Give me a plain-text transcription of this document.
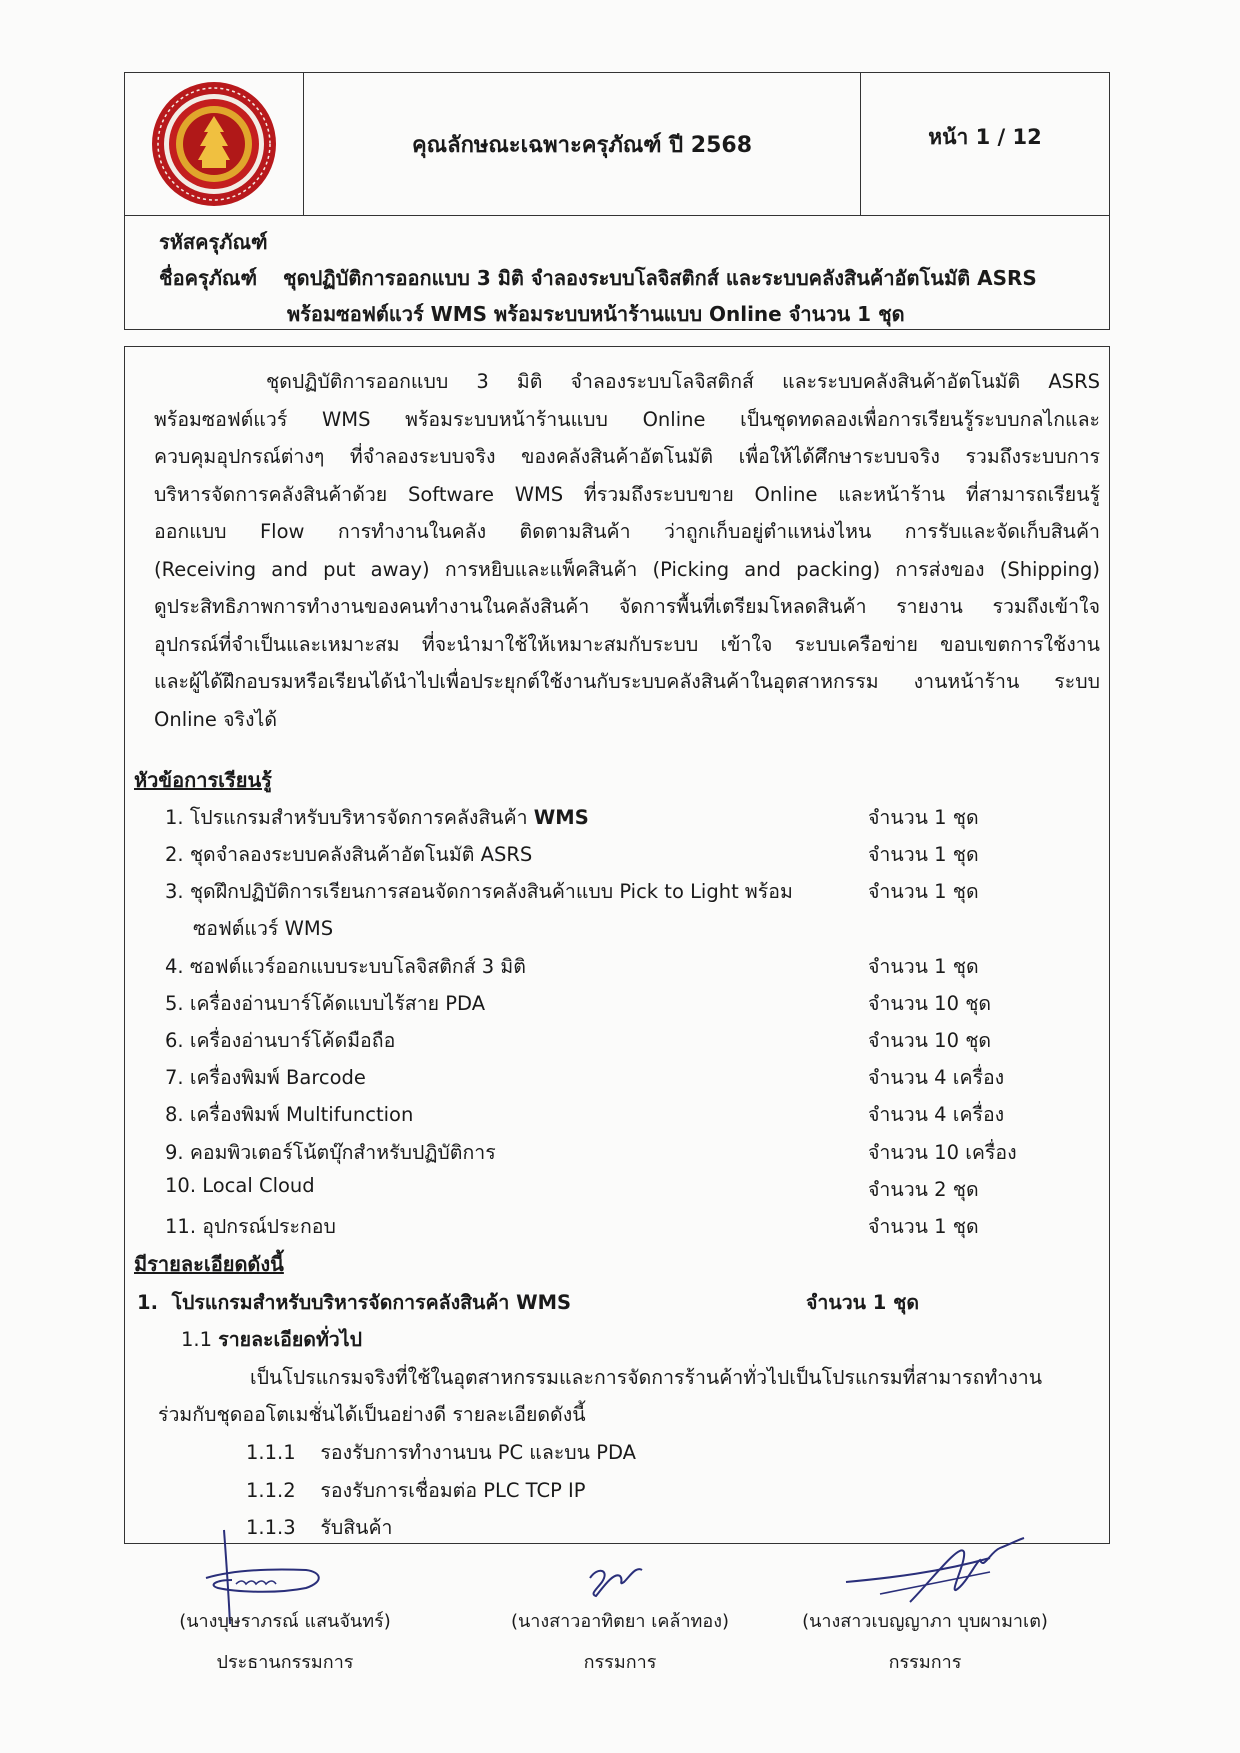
คุณลักษณะเฉพาะครุภัณฑ์ ปี 2568	หน้า 1 / 12
รหัสครุภัณฑ์
ชื่อครุภัณฑ์ ชุดปฏิบัติการออกแบบ 3 มิติ จำลองระบบโลจิสติกส์ และระบบคลังสินค้าอัตโนมัติ ASRS
พร้อมซอฟต์แวร์ WMS พร้อมระบบหน้าร้านแบบ Online จำนวน 1 ชุด
ชุดปฏิบัติการออกแบบ 3 มิติ จำลองระบบโลจิสติกส์ และระบบคลังสินค้าอัตโนมัติ ASRS
พร้อมซอฟต์แวร์ WMS พร้อมระบบหน้าร้านแบบ Online เป็นชุดทดลองเพื่อการเรียนรู้ระบบกลไกและ
ควบคุมอุปกรณ์ต่างๆ ที่จำลองระบบจริง ของคลังสินค้าอัตโนมัติ เพื่อให้ได้ศึกษาระบบจริง รวมถึงระบบการ
บริหารจัดการคลังสินค้าด้วย Software WMS ที่รวมถึงระบบขาย Online และหน้าร้าน ที่สามารถเรียนรู้
ออกแบบ Flow การทำงานในคลัง ติดตามสินค้า ว่าถูกเก็บอยู่ตำแหน่งไหน การรับและจัดเก็บสินค้า
(Receiving and put away) การหยิบและแพ็คสินค้า (Picking and packing) การส่งของ (Shipping)
ดูประสิทธิภาพการทำงานของคนทำงานในคลังสินค้า จัดการพื้นที่เตรียมโหลดสินค้า รายงาน รวมถึงเข้าใจ
อุปกรณ์ที่จำเป็นและเหมาะสม ที่จะนำมาใช้ให้เหมาะสมกับระบบ เข้าใจ ระบบเครือข่าย ขอบเขตการใช้งาน
และผู้ได้ฝึกอบรมหรือเรียนได้นำไปเพื่อประยุกต์ใช้งานกับระบบคลังสินค้าในอุตสาหกรรม งานหน้าร้าน ระบบ
Online จริงได้
หัวข้อการเรียนรู้
1. โปรแกรมสำหรับบริหารจัดการคลังสินค้า WMS	จำนวน 1 ชุด
2. ชุดจำลองระบบคลังสินค้าอัตโนมัติ ASRS	จำนวน 1 ชุด
3. ชุดฝึกปฏิบัติการเรียนการสอนจัดการคลังสินค้าแบบ Pick to Light พร้อม	จำนวน 1 ชุด
ซอฟต์แวร์ WMS
4. ซอฟต์แวร์ออกแบบระบบโลจิสติกส์ 3 มิติ	จำนวน 1 ชุด
5. เครื่องอ่านบาร์โค้ดแบบไร้สาย PDA	จำนวน 10 ชุด
6. เครื่องอ่านบาร์โค้ดมือถือ	จำนวน 10 ชุด
7. เครื่องพิมพ์ Barcode	จำนวน 4 เครื่อง
8. เครื่องพิมพ์ Multifunction	จำนวน 4 เครื่อง
9. คอมพิวเตอร์โน้ตบุ๊กสำหรับปฏิบัติการ	จำนวน 10 เครื่อง
10. Local Cloud	จำนวน 2 ชุด
11. อุปกรณ์ประกอบ	จำนวน 1 ชุด
มีรายละเอียดดังนี้
1. โปรแกรมสำหรับบริหารจัดการคลังสินค้า WMS	จำนวน 1 ชุด
1.1 รายละเอียดทั่วไป
เป็นโปรแกรมจริงที่ใช้ในอุตสาหกรรมและการจัดการร้านค้าทั่วไปเป็นโปรแกรมที่สามารถทำงาน
ร่วมกับชุดออโตเมชั่นได้เป็นอย่างดี รายละเอียดดังนี้
1.1.1 รองรับการทำงานบน PC และบน PDA
1.1.2 รองรับการเชื่อมต่อ PLC TCP IP
1.1.3 รับสินค้า
(นางบุษราภรณ์ แสนจันทร์)
ประธานกรรมการ
(นางสาวอาทิตยา เคล้าทอง)
กรรมการ
(นางสาวเบญญาภา บุบผามาเต)
กรรมการ
